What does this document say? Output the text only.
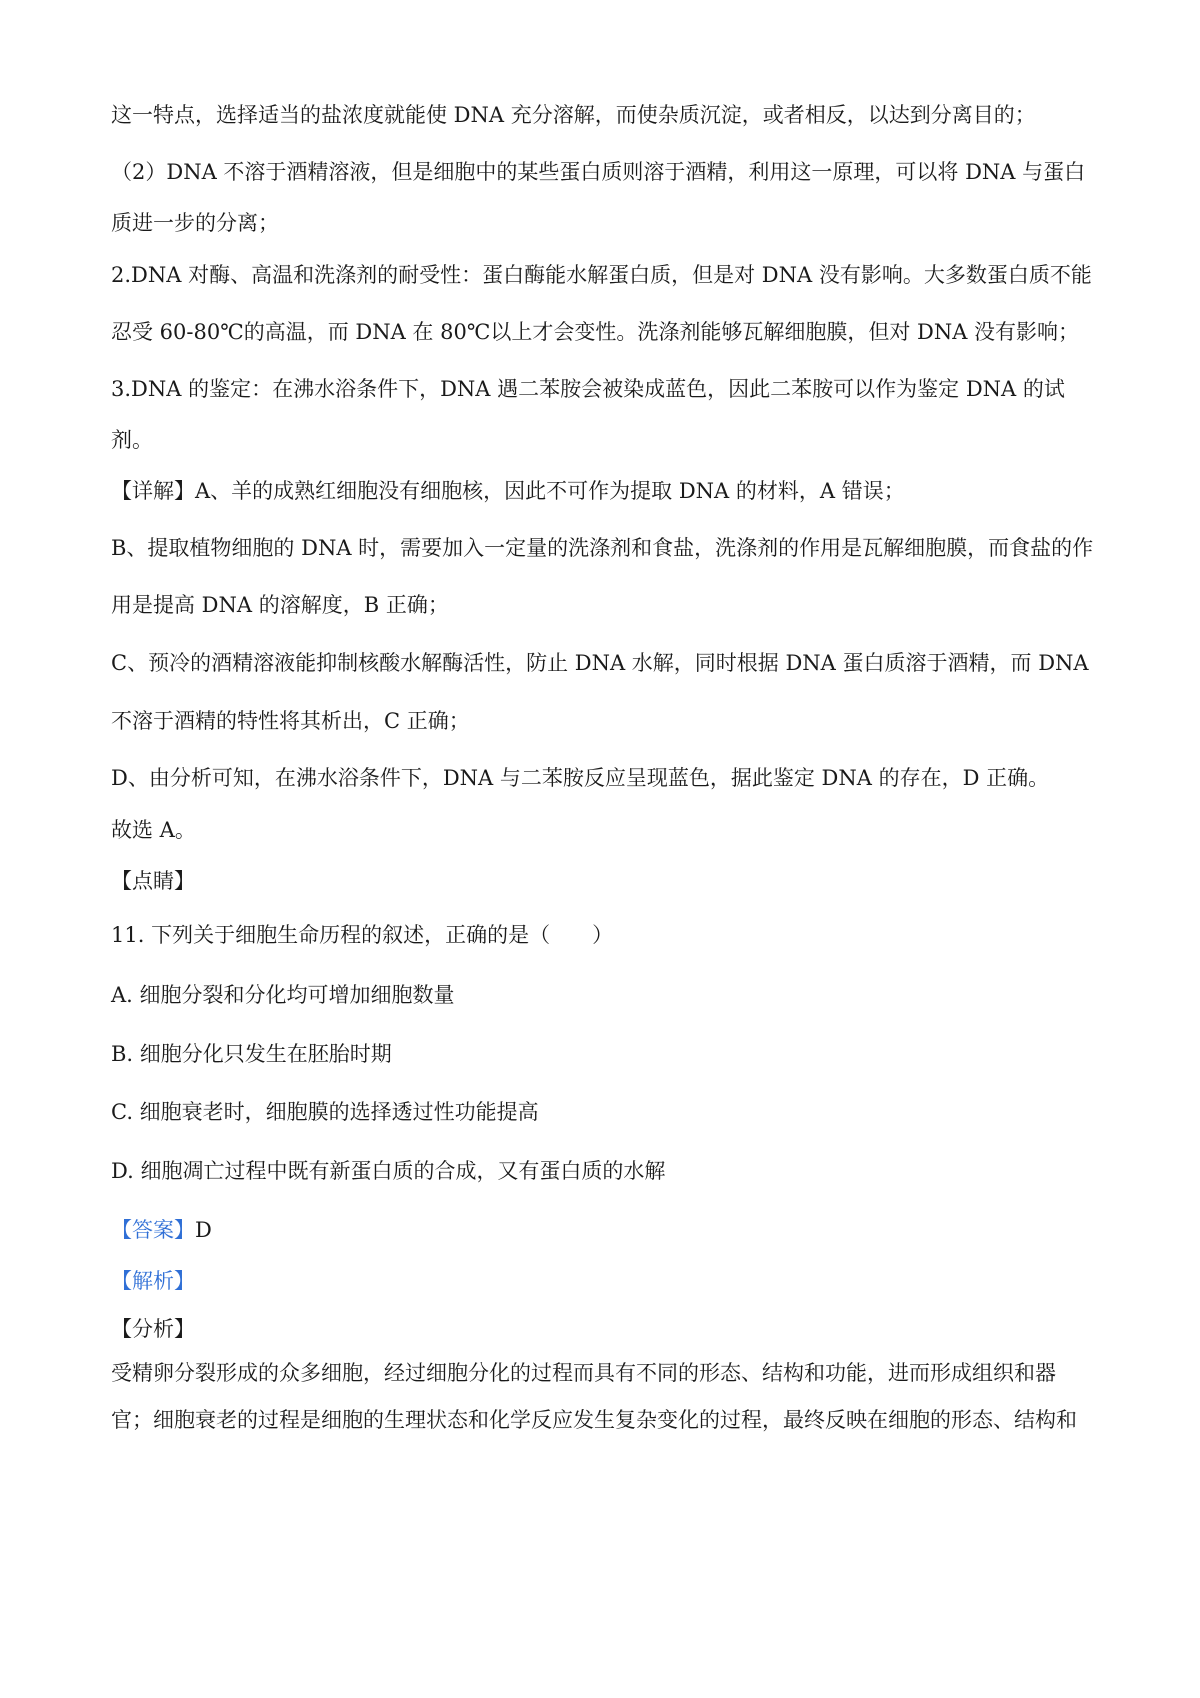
这一特点，选择适当的盐浓度就能使 DNA 充分溶解，而使杂质沉淀，或者相反，以达到分离目的；
（2）DNA 不溶于酒精溶液，但是细胞中的某些蛋白质则溶于酒精，利用这一原理，可以将 DNA 与蛋白
质进一步的分离；
2.DNA 对酶、高温和洗涤剂的耐受性：蛋白酶能水解蛋白质，但是对 DNA 没有影响。大多数蛋白质不能
忍受 60-80℃的高温，而 DNA 在 80℃以上才会变性。洗涤剂能够瓦解细胞膜，但对 DNA 没有影响；
3.DNA 的鉴定：在沸水浴条件下，DNA 遇二苯胺会被染成蓝色，因此二苯胺可以作为鉴定 DNA 的试
剂。
【详解】A、羊的成熟红细胞没有细胞核，因此不可作为提取 DNA 的材料，A 错误；
B、提取植物细胞的 DNA 时，需要加入一定量的洗涤剂和食盐，洗涤剂的作用是瓦解细胞膜，而食盐的作
用是提高 DNA 的溶解度，B 正确；
C、预冷的酒精溶液能抑制核酸水解酶活性，防止 DNA 水解，同时根据 DNA 蛋白质溶于酒精，而 DNA
不溶于酒精的特性将其析出，C 正确；
D、由分析可知，在沸水浴条件下，DNA 与二苯胺反应呈现蓝色，据此鉴定 DNA 的存在，D 正确。
故选 A。
【点睛】
11. 下列关于细胞生命历程的叙述，正确的是（　　）
A. 细胞分裂和分化均可增加细胞数量
B. 细胞分化只发生在胚胎时期
C. 细胞衰老时，细胞膜的选择透过性功能提高
D. 细胞凋亡过程中既有新蛋白质的合成，又有蛋白质的水解
【答案】D
【解析】
【分析】
受精卵分裂形成的众多细胞，经过细胞分化的过程而具有不同的形态、结构和功能，进而形成组织和器
官；细胞衰老的过程是细胞的生理状态和化学反应发生复杂变化的过程，最终反映在细胞的形态、结构和
